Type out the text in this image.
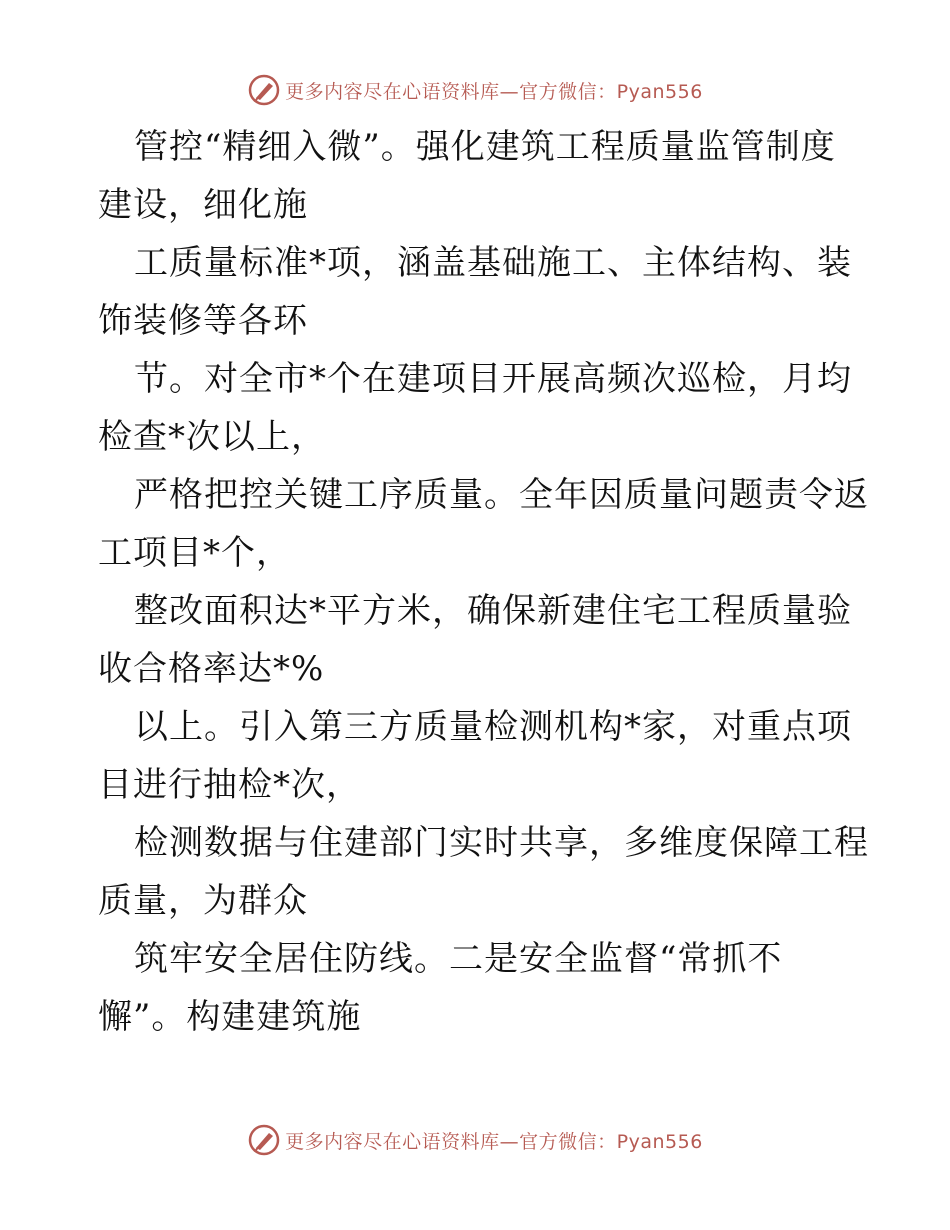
更多内容尽在心语资料库—官方微信：Pyan556
管控“精细入微”。强化建筑工程质量监管制度
建设，细化施
工质量标准*项，涵盖基础施工、主体结构、装
饰装修等各环
节。对全市*个在建项目开展高频次巡检，月均
检查*次以上，
严格把控关键工序质量。全年因质量问题责令返
工项目*个，
整改面积达*平方米，确保新建住宅工程质量验
收合格率达*%
以上。引入第三方质量检测机构*家，对重点项
目进行抽检*次，
检测数据与住建部门实时共享，多维度保障工程
质量，为群众
筑牢安全居住防线。二是安全监督“常抓不
懈”。构建建筑施
更多内容尽在心语资料库—官方微信：Pyan556
